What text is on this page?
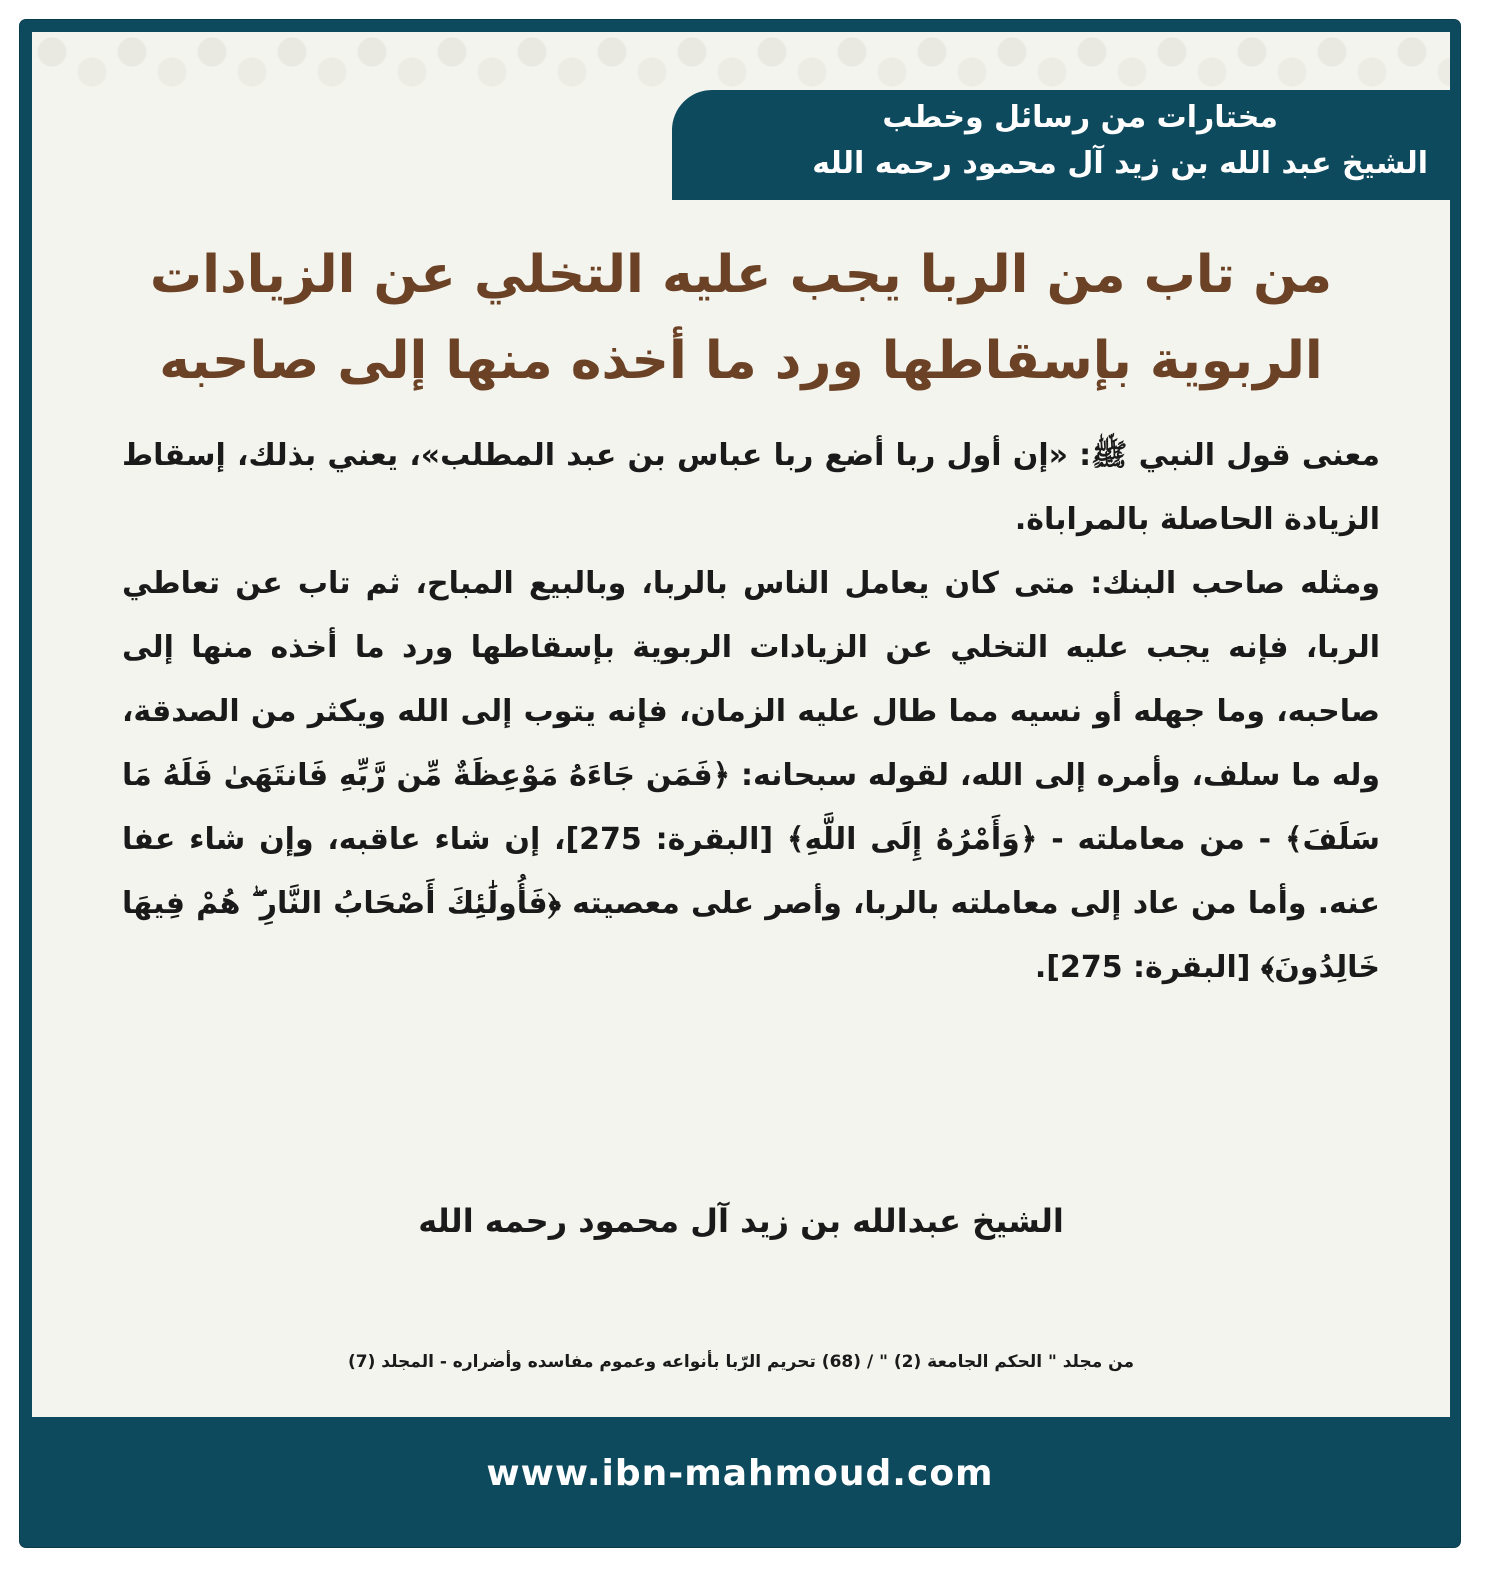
مختارات من رسائل وخطب
الشيخ عبد الله بن زيد آل محمود رحمه الله
من تاب من الربا يجب عليه التخلي عن الزيادات الربوية بإسقاطها ورد ما أخذه منها إلى صاحبه

معنى قول النبي ﷺ: «إن أول ربا أضع ربا عباس بن عبد المطلب»، يعني بذلك، إسقاط الزيادة الحاصلة بالمراباة.

ومثله صاحب البنك: متى كان يعامل الناس بالربا، وبالبيع المباح، ثم تاب عن تعاطي الربا، فإنه يجب عليه التخلي عن الزيادات الربوية بإسقاطها ورد ما أخذه منها إلى صاحبه، وما جهله أو نسيه مما طال عليه الزمان، فإنه يتوب إلى الله ويكثر من الصدقة، وله ما سلف، وأمره إلى الله، لقوله سبحانه: ﴿فَمَن جَاءَهُ مَوْعِظَةٌ مِّن رَّبِّهِ فَانتَهَىٰ فَلَهُ مَا سَلَفَ﴾ - من معاملته - ﴿وَأَمْرُهُ إِلَى اللَّهِ﴾ [البقرة: 275]، إن شاء عاقبه، وإن شاء عفا عنه. وأما من عاد إلى معاملته بالربا، وأصر على معصيته ﴿فَأُولَٰئِكَ أَصْحَابُ النَّارِ ۖ هُمْ فِيهَا خَالِدُونَ﴾ [البقرة: 275].

الشيخ عبدالله بن زيد آل محمود رحمه الله
من مجلد " الحكم الجامعة (2) " / (68) تحريم الرّبا بأنواعه وعموم مفاسده وأضراره - المجلد (7)
www.ibn-mahmoud.com
